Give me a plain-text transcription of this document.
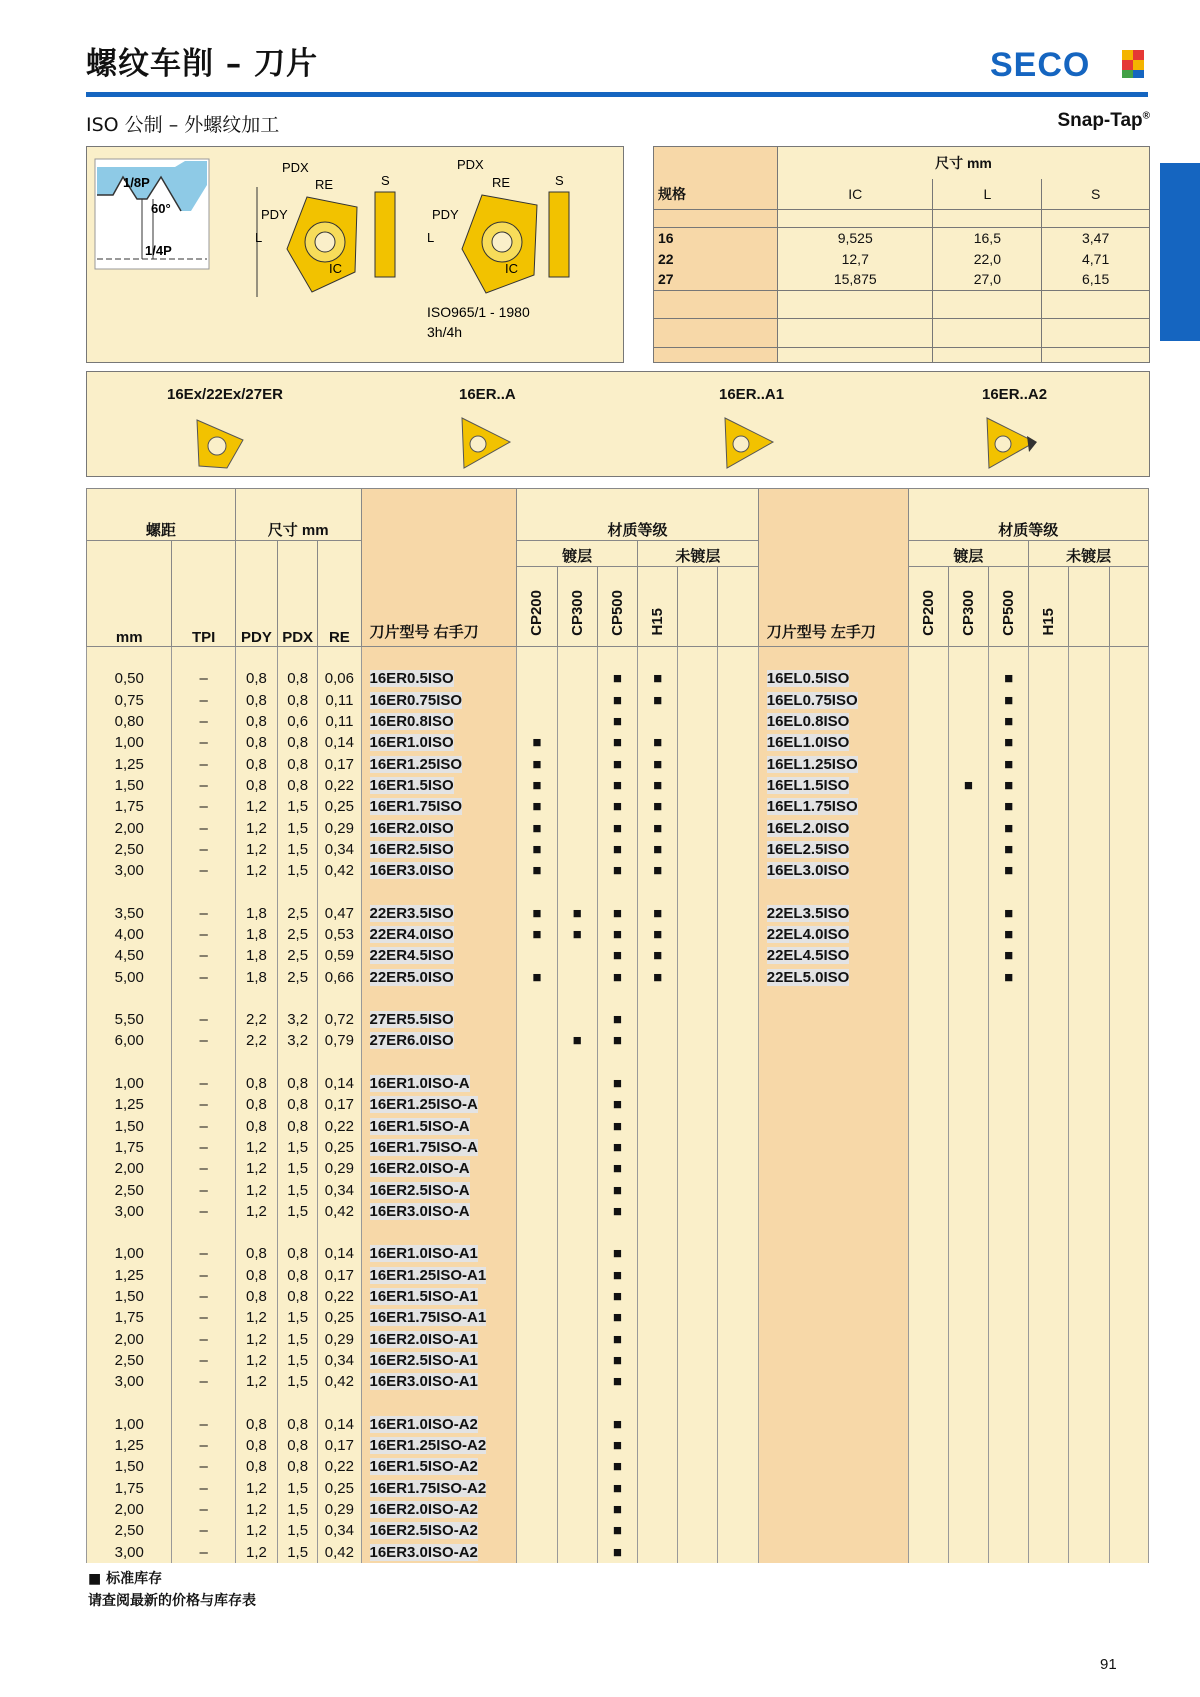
螺纹车削 – 刀片	SECO
ISO 公制 – 外螺纹加工	Snap-Tap®
1/8P
60°
1/4P
PDX
RE
PDY
L
IC
S
PDX
RE
PDY
L
IC
S
ISO965/1 - 1980
3h/4h
	尺寸 mm		
规格	IC	L	S

16	9,525	16,5	3,47
22	12,7	22,0	4,71
27	15,875	27,0	6,15

16Ex/22Ex/27ER	16ER..A	16ER..A1	16ER..A2
螺距		尺寸 mm			刀片型号 右手刀	材质等级						刀片型号 左手刀	材质等级					
mm	TPI	PDY	PDX	RE		镀层			未镀层				镀层			未镀层		
						CP200	CP300	CP500	H15				CP200	CP300	CP500	H15		

0,50	–	0,8	0,8	0,06	16ER0.5ISO			■	■			16EL0.5ISO			■			
0,75	–	0,8	0,8	0,11	16ER0.75ISO			■	■			16EL0.75ISO			■			
0,80	–	0,8	0,6	0,11	16ER0.8ISO			■				16EL0.8ISO			■			
1,00	–	0,8	0,8	0,14	16ER1.0ISO	■		■	■			16EL1.0ISO			■			
1,25	–	0,8	0,8	0,17	16ER1.25ISO	■		■	■			16EL1.25ISO			■			
1,50	–	0,8	0,8	0,22	16ER1.5ISO	■		■	■			16EL1.5ISO		■	■			
1,75	–	1,2	1,5	0,25	16ER1.75ISO	■		■	■			16EL1.75ISO			■			
2,00	–	1,2	1,5	0,29	16ER2.0ISO	■		■	■			16EL2.0ISO			■			
2,50	–	1,2	1,5	0,34	16ER2.5ISO	■		■	■			16EL2.5ISO			■			
3,00	–	1,2	1,5	0,42	16ER3.0ISO	■		■	■			16EL3.0ISO			■			

3,50	–	1,8	2,5	0,47	22ER3.5ISO	■	■	■	■			22EL3.5ISO			■			
4,00	–	1,8	2,5	0,53	22ER4.0ISO	■	■	■	■			22EL4.0ISO			■			
4,50	–	1,8	2,5	0,59	22ER4.5ISO			■	■			22EL4.5ISO			■			
5,00	–	1,8	2,5	0,66	22ER5.0ISO	■		■	■			22EL5.0ISO			■			

5,50	–	2,2	3,2	0,72	27ER5.5ISO			■										
6,00	–	2,2	3,2	0,79	27ER6.0ISO		■	■										

1,00	–	0,8	0,8	0,14	16ER1.0ISO-A			■										
1,25	–	0,8	0,8	0,17	16ER1.25ISO-A			■										
1,50	–	0,8	0,8	0,22	16ER1.5ISO-A			■										
1,75	–	1,2	1,5	0,25	16ER1.75ISO-A			■										
2,00	–	1,2	1,5	0,29	16ER2.0ISO-A			■										
2,50	–	1,2	1,5	0,34	16ER2.5ISO-A			■										
3,00	–	1,2	1,5	0,42	16ER3.0ISO-A			■										

1,00	–	0,8	0,8	0,14	16ER1.0ISO-A1			■										
1,25	–	0,8	0,8	0,17	16ER1.25ISO-A1			■										
1,50	–	0,8	0,8	0,22	16ER1.5ISO-A1			■										
1,75	–	1,2	1,5	0,25	16ER1.75ISO-A1			■										
2,00	–	1,2	1,5	0,29	16ER2.0ISO-A1			■										
2,50	–	1,2	1,5	0,34	16ER2.5ISO-A1			■										
3,00	–	1,2	1,5	0,42	16ER3.0ISO-A1			■										

1,00	–	0,8	0,8	0,14	16ER1.0ISO-A2			■										
1,25	–	0,8	0,8	0,17	16ER1.25ISO-A2			■										
1,50	–	0,8	0,8	0,22	16ER1.5ISO-A2			■										
1,75	–	1,2	1,5	0,25	16ER1.75ISO-A2			■										
2,00	–	1,2	1,5	0,29	16ER2.0ISO-A2			■										
2,50	–	1,2	1,5	0,34	16ER2.5ISO-A2			■										
3,00	–	1,2	1,5	0,42	16ER3.0ISO-A2			■										
■ 标准库存
请查阅最新的价格与库存表
91
